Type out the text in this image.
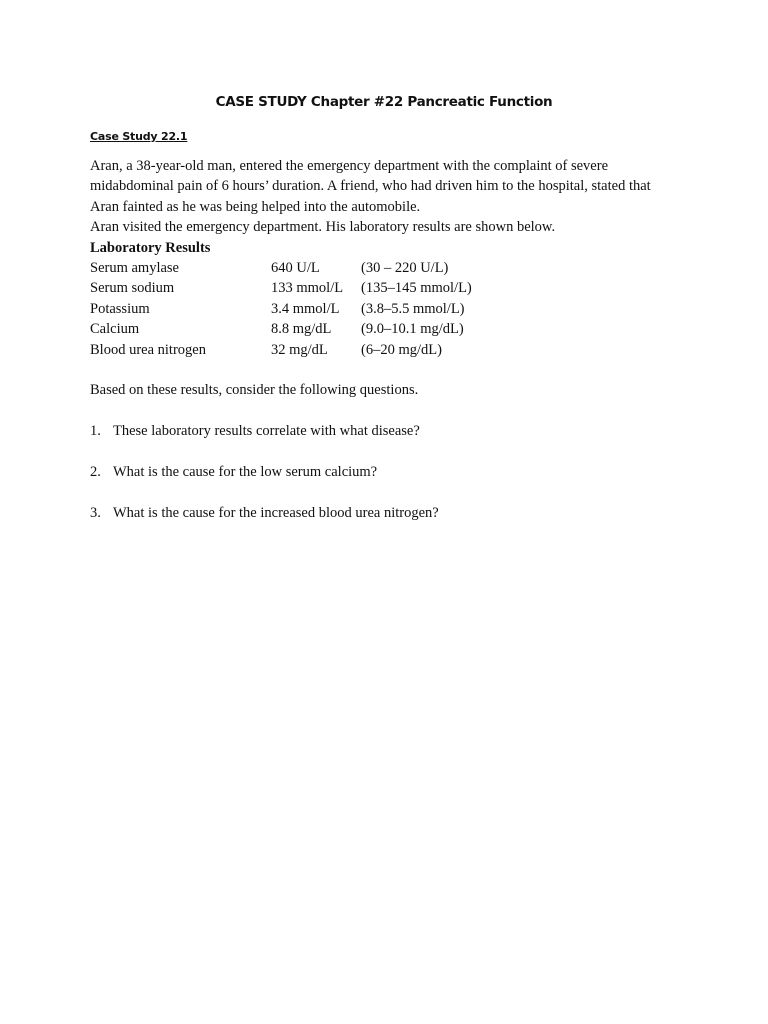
CASE STUDY Chapter #22 Pancreatic Function
Case Study 22.1
Aran, a 38-year-old man, entered the emergency department with the complaint of severe
midabdominal pain of 6 hours’ duration. A friend, who had driven him to the hospital, stated that
Aran fainted as he was being helped into the automobile.
Aran visited the emergency department. His laboratory results are shown below.
Laboratory Results
Serum amylase	640 U/L	(30 – 220 U/L)
Serum sodium	133 mmol/L	(135–145 mmol/L)
Potassium	3.4 mmol/L	(3.8–5.5 mmol/L)
Calcium	8.8 mg/dL	(9.0–10.1 mg/dL)
Blood urea nitrogen	32 mg/dL	(6–20 mg/dL)
Based on these results, consider the following questions.
1. These laboratory results correlate with what disease?
2. What is the cause for the low serum calcium?
3. What is the cause for the increased blood urea nitrogen?
